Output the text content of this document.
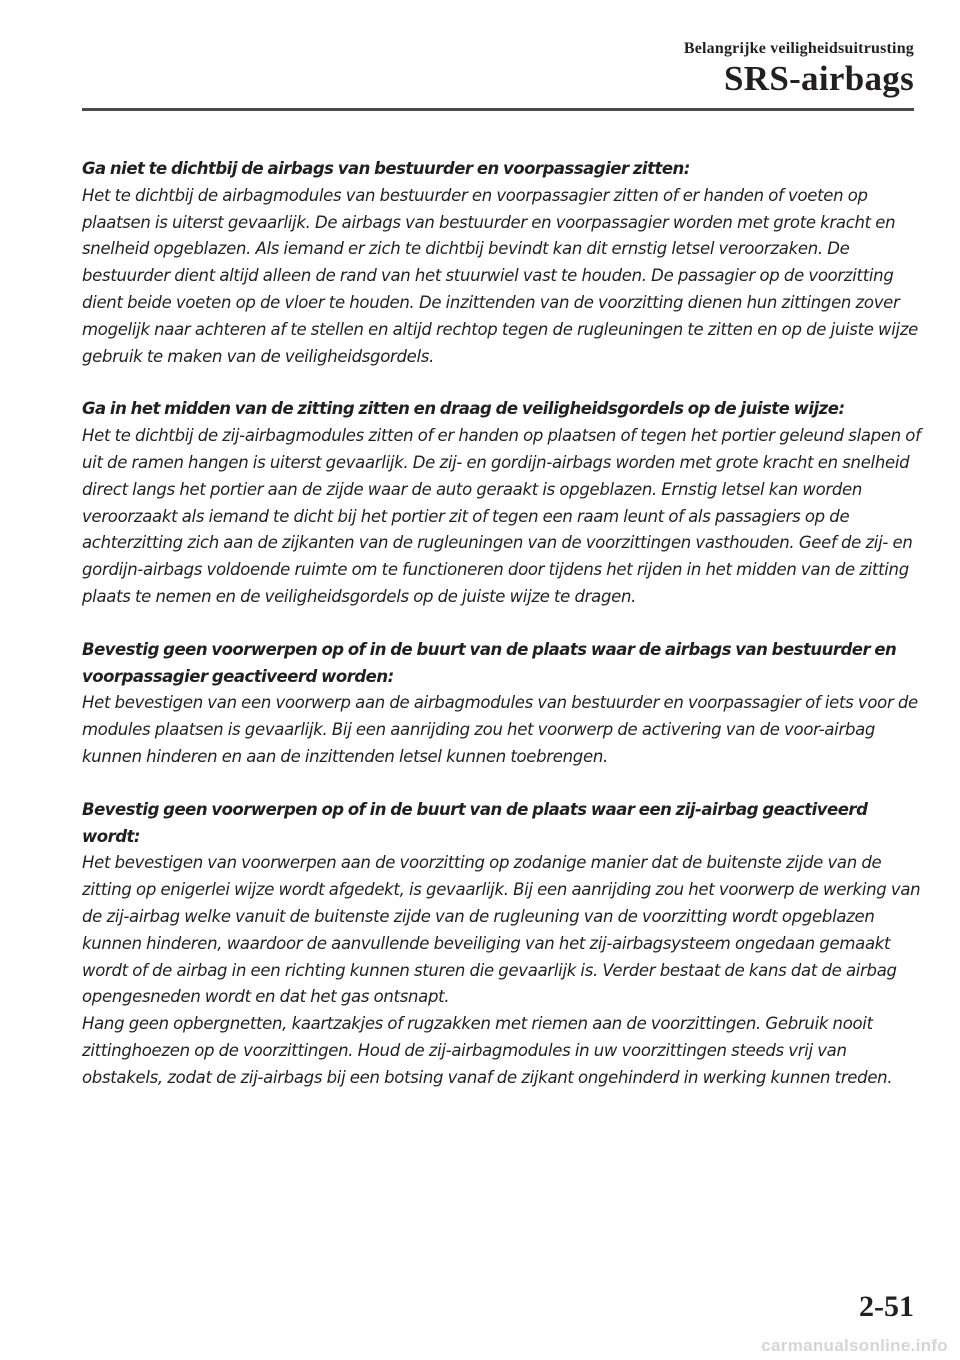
Belangrijke veiligheidsuitrusting
SRS-airbags

Ga niet te dichtbij de airbags van bestuurder en voorpassagier zitten:

Het te dichtbij de airbagmodules van bestuurder en voorpassagier zitten of er handen of voeten op plaatsen is uiterst gevaarlijk. De airbags van bestuurder en voorpassagier worden met grote kracht en snelheid opgeblazen. Als iemand er zich te dichtbij bevindt kan dit ernstig letsel veroorzaken. De bestuurder dient altijd alleen de rand van het stuurwiel vast te houden. De passagier op de voorzitting dient beide voeten op de vloer te houden. De inzittenden van de voorzitting dienen hun zittingen zover mogelijk naar achteren af te stellen en altijd rechtop tegen de rugleuningen te zitten en op de juiste wijze gebruik te maken van de veiligheidsgordels.

Ga in het midden van de zitting zitten en draag de veiligheidsgordels op de juiste wijze:

Het te dichtbij de zij-airbagmodules zitten of er handen op plaatsen of tegen het portier geleund slapen of uit de ramen hangen is uiterst gevaarlijk. De zij- en gordijn-airbags worden met grote kracht en snelheid direct langs het portier aan de zijde waar de auto geraakt is opgeblazen. Ernstig letsel kan worden veroorzaakt als iemand te dicht bij het portier zit of tegen een raam leunt of als passagiers op de achterzitting zich aan de zijkanten van de rugleuningen van de voorzittingen vasthouden. Geef de zij- en gordijn-airbags voldoende ruimte om te functioneren door tijdens het rijden in het midden van de zitting plaats te nemen en de veiligheidsgordels op de juiste wijze te dragen.

Bevestig geen voorwerpen op of in de buurt van de plaats waar de airbags van bestuurder en voorpassagier geactiveerd worden:

Het bevestigen van een voorwerp aan de airbagmodules van bestuurder en voorpassagier of iets voor de modules plaatsen is gevaarlijk. Bij een aanrijding zou het voorwerp de activering van de voor-airbag kunnen hinderen en aan de inzittenden letsel kunnen toebrengen.

Bevestig geen voorwerpen op of in de buurt van de plaats waar een zij-airbag geactiveerd wordt:

Het bevestigen van voorwerpen aan de voorzitting op zodanige manier dat de buitenste zijde van de zitting op enigerlei wijze wordt afgedekt, is gevaarlijk. Bij een aanrijding zou het voorwerp de werking van de zij-airbag welke vanuit de buitenste zijde van de rugleuning van de voorzitting wordt opgeblazen kunnen hinderen, waardoor de aanvullende beveiliging van het zij-airbagsysteem ongedaan gemaakt wordt of de airbag in een richting kunnen sturen die gevaarlijk is. Verder bestaat de kans dat de airbag opengesneden wordt en dat het gas ontsnapt.

Hang geen opbergnetten, kaartzakjes of rugzakken met riemen aan de voorzittingen. Gebruik nooit zittinghoezen op de voorzittingen. Houd de zij-airbagmodules in uw voorzittingen steeds vrij van obstakels, zodat de zij-airbags bij een botsing vanaf de zijkant ongehinderd in werking kunnen treden.

2-51
carmanualsonline.info
